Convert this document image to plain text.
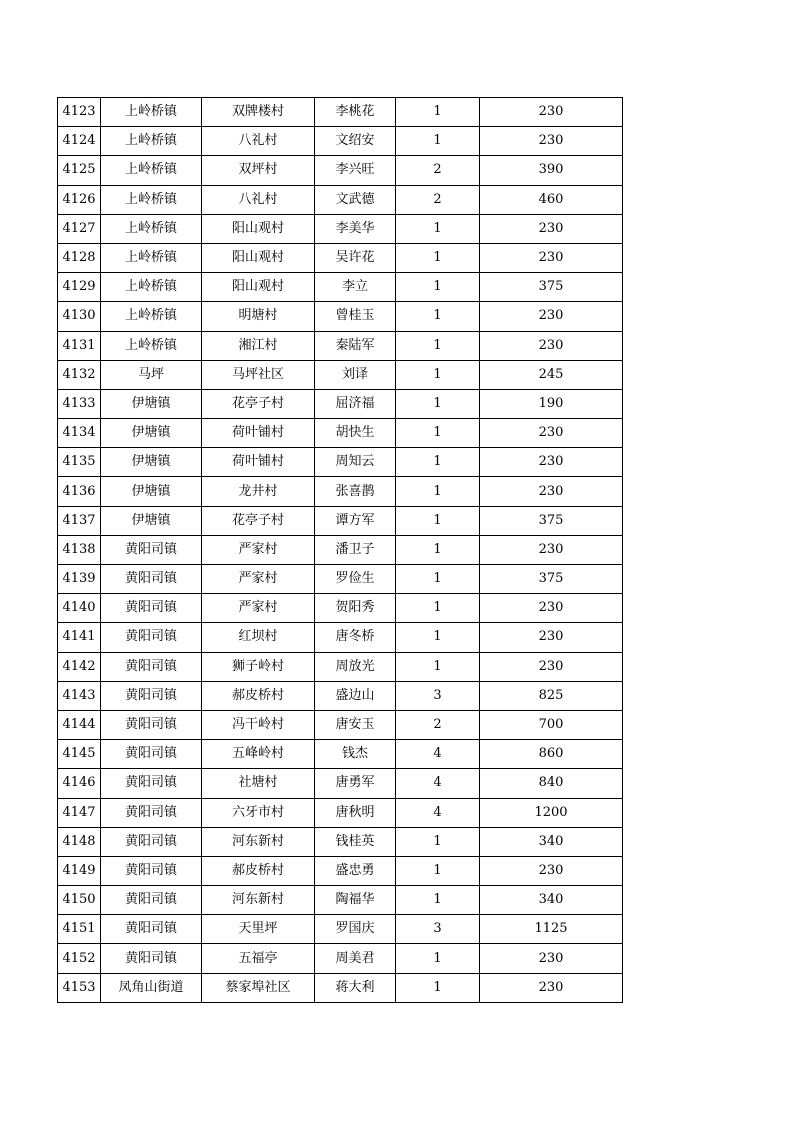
4123	上岭桥镇	双牌楼村	李桃花	1	230
4124	上岭桥镇	八礼村	文绍安	1	230
4125	上岭桥镇	双坪村	李兴旺	2	390
4126	上岭桥镇	八礼村	文武德	2	460
4127	上岭桥镇	阳山观村	李美华	1	230
4128	上岭桥镇	阳山观村	吴许花	1	230
4129	上岭桥镇	阳山观村	李立	1	375
4130	上岭桥镇	明塘村	曾桂玉	1	230
4131	上岭桥镇	湘江村	秦陆军	1	230
4132	马坪	马坪社区	刘译	1	245
4133	伊塘镇	花亭子村	屈济福	1	190
4134	伊塘镇	荷叶铺村	胡快生	1	230
4135	伊塘镇	荷叶铺村	周知云	1	230
4136	伊塘镇	龙井村	张喜鹊	1	230
4137	伊塘镇	花亭子村	谭方军	1	375
4138	黄阳司镇	严家村	潘卫子	1	230
4139	黄阳司镇	严家村	罗俭生	1	375
4140	黄阳司镇	严家村	贺阳秀	1	230
4141	黄阳司镇	红坝村	唐冬桥	1	230
4142	黄阳司镇	狮子岭村	周放光	1	230
4143	黄阳司镇	郝皮桥村	盛边山	3	825
4144	黄阳司镇	冯干岭村	唐安玉	2	700
4145	黄阳司镇	五峰岭村	钱杰	4	860
4146	黄阳司镇	社塘村	唐勇军	4	840
4147	黄阳司镇	六牙市村	唐秋明	4	1200
4148	黄阳司镇	河东新村	钱桂英	1	340
4149	黄阳司镇	郝皮桥村	盛忠勇	1	230
4150	黄阳司镇	河东新村	陶福华	1	340
4151	黄阳司镇	天里坪	罗国庆	3	1125
4152	黄阳司镇	五福亭	周美君	1	230
4153	凤角山街道	蔡家埠社区	蒋大利	1	230
